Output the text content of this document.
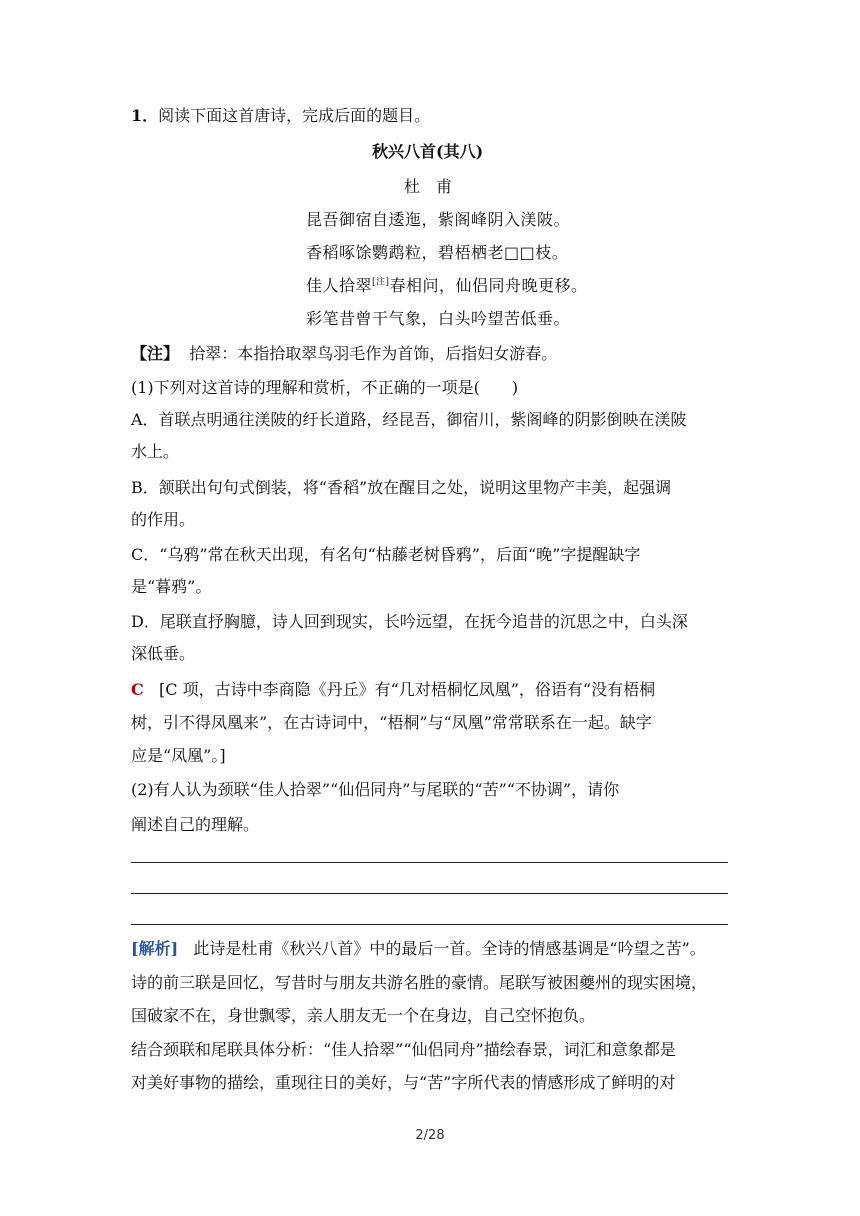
1．阅读下面这首唐诗，完成后面的题目。
秋兴八首(其八)
杜　甫
昆吾御宿自逶迤，紫阁峰阴入渼陂。
香稻啄馀鹦鹉粒，碧梧栖老□□枝。
佳人拾翠[注]春相问，仙侣同舟晚更移。
彩笔昔曾干气象，白头吟望苦低垂。
【注】 拾翠：本指拾取翠鸟羽毛作为首饰，后指妇女游春。
(1)下列对这首诗的理解和赏析，不正确的一项是(　　)
A．首联点明通往渼陂的纡长道路，经昆吾，御宿川，紫阁峰的阴影倒映在渼陂
水上。
B．颔联出句句式倒装，将“香稻”放在醒目之处，说明这里物产丰美，起强调
的作用。
C．“乌鸦”常在秋天出现，有名句“枯藤老树昏鸦”，后面“晚”字提醒缺字
是“暮鸦”。
D．尾联直抒胸臆，诗人回到现实，长吟远望，在抚今追昔的沉思之中，白头深
深低垂。
C [C 项，古诗中李商隐《丹丘》有“几对梧桐忆凤凰”，俗语有“没有梧桐
树，引不得凤凰来”，在古诗词中，“梧桐”与“凤凰”常常联系在一起。缺字
应是“凤凰”。]
(2)有人认为颈联“佳人拾翠”“仙侣同舟”与尾联的“苦”“不协调”，请你
阐述自己的理解。
[解析] 此诗是杜甫《秋兴八首》中的最后一首。全诗的情感基调是“吟望之苦”。
诗的前三联是回忆，写昔时与朋友共游名胜的豪情。尾联写被困夔州的现实困境，
国破家不在，身世飘零，亲人朋友无一个在身边，自己空怀抱负。
结合颈联和尾联具体分析：“佳人拾翠”“仙侣同舟”描绘春景，词汇和意象都是
对美好事物的描绘，重现往日的美好，与“苦”字所代表的情感形成了鲜明的对
2/28
